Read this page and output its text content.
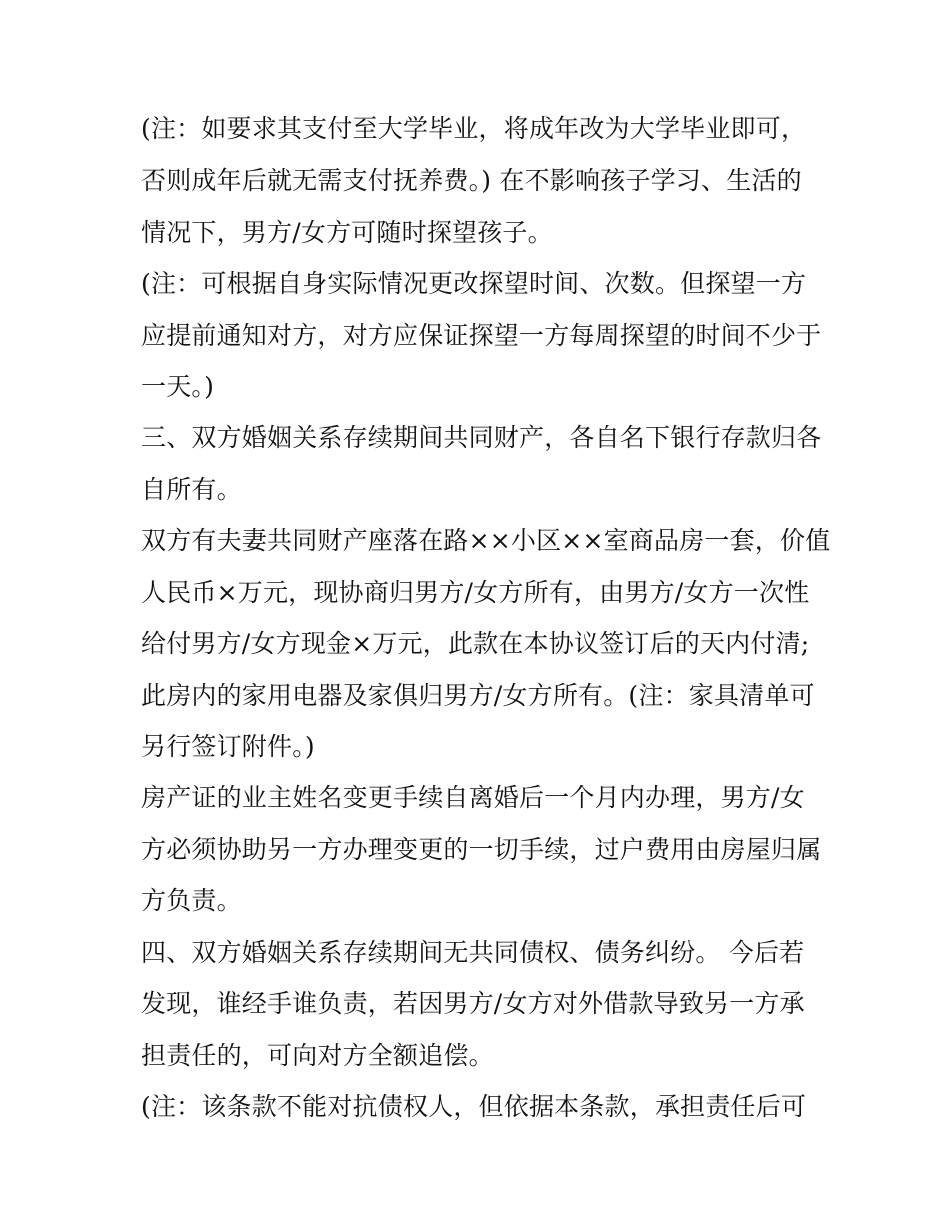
(注：如要求其支付至大学毕业，将成年改为大学毕业即可，
否则成年后就无需支付抚养费。) 在不影响孩子学习、生活的
情况下，男方/女方可随时探望孩子。
(注：可根据自身实际情况更改探望时间、次数。但探望一方
应提前通知对方，对方应保证探望一方每周探望的时间不少于
一天。)
三、双方婚姻关系存续期间共同财产，各自名下银行存款归各
自所有。
双方有夫妻共同财产座落在路××小区××室商品房一套，价值
人民币×万元，现协商归男方/女方所有，由男方/女方一次性
给付男方/女方现金×万元，此款在本协议签订后的天内付清;
此房内的家用电器及家俱归男方/女方所有。(注：家具清单可
另行签订附件。)
房产证的业主姓名变更手续自离婚后一个月内办理，男方/女
方必须协助另一方办理变更的一切手续，过户费用由房屋归属
方负责。
四、双方婚姻关系存续期间无共同债权、债务纠纷。 今后若
发现，谁经手谁负责，若因男方/女方对外借款导致另一方承
担责任的，可向对方全额追偿。
(注：该条款不能对抗债权人，但依据本条款，承担责任后可
